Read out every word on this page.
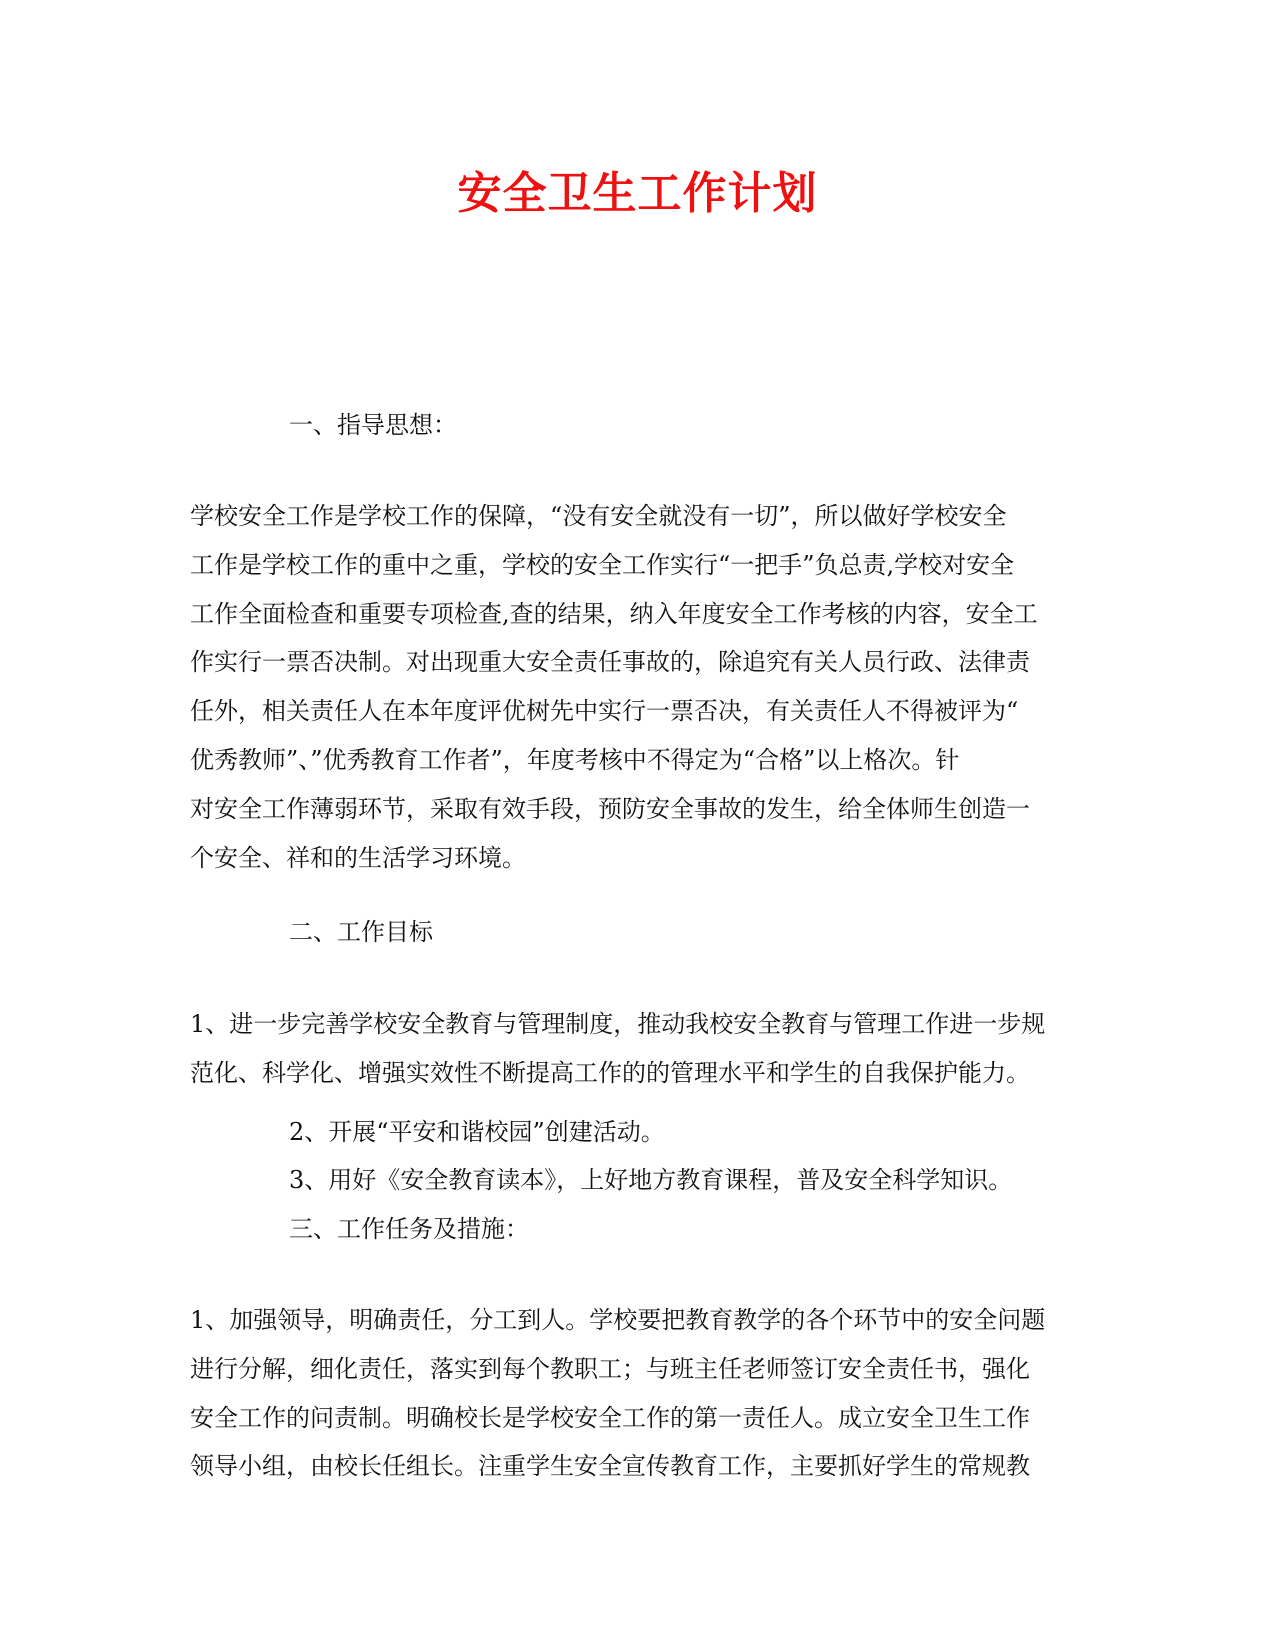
安全卫生工作计划
一、指导思想：
学校安全工作是学校工作的保障，“没有安全就没有一切”，所以做好学校安全
工作是学校工作的重中之重，学校的安全工作实行“一把手”负总责,学校对安全
工作全面检查和重要专项检查,查的结果，纳入年度安全工作考核的内容，安全工
作实行一票否决制。对出现重大安全责任事故的，除追究有关人员行政、法律责
任外，相关责任人在本年度评优树先中实行一票否决，有关责任人不得被评为“
优秀教师”、”优秀教育工作者”，年度考核中不得定为“合格”以上格次。针
对安全工作薄弱环节，采取有效手段，预防安全事故的发生，给全体师生创造一
个安全、祥和的生活学习环境。
二、工作目标
1、进一步完善学校安全教育与管理制度，推动我校安全教育与管理工作进一步规
范化、科学化、增强实效性不断提高工作的的管理水平和学生的自我保护能力。
2、开展“平安和谐校园”创建活动。
3、用好《安全教育读本》，上好地方教育课程，普及安全科学知识。
三、工作任务及措施：
1、加强领导，明确责任，分工到人。学校要把教育教学的各个环节中的安全问题
进行分解，细化责任，落实到每个教职工；与班主任老师签订安全责任书，强化
安全工作的问责制。明确校长是学校安全工作的第一责任人。成立安全卫生工作
领导小组，由校长任组长。注重学生安全宣传教育工作，主要抓好学生的常规教
